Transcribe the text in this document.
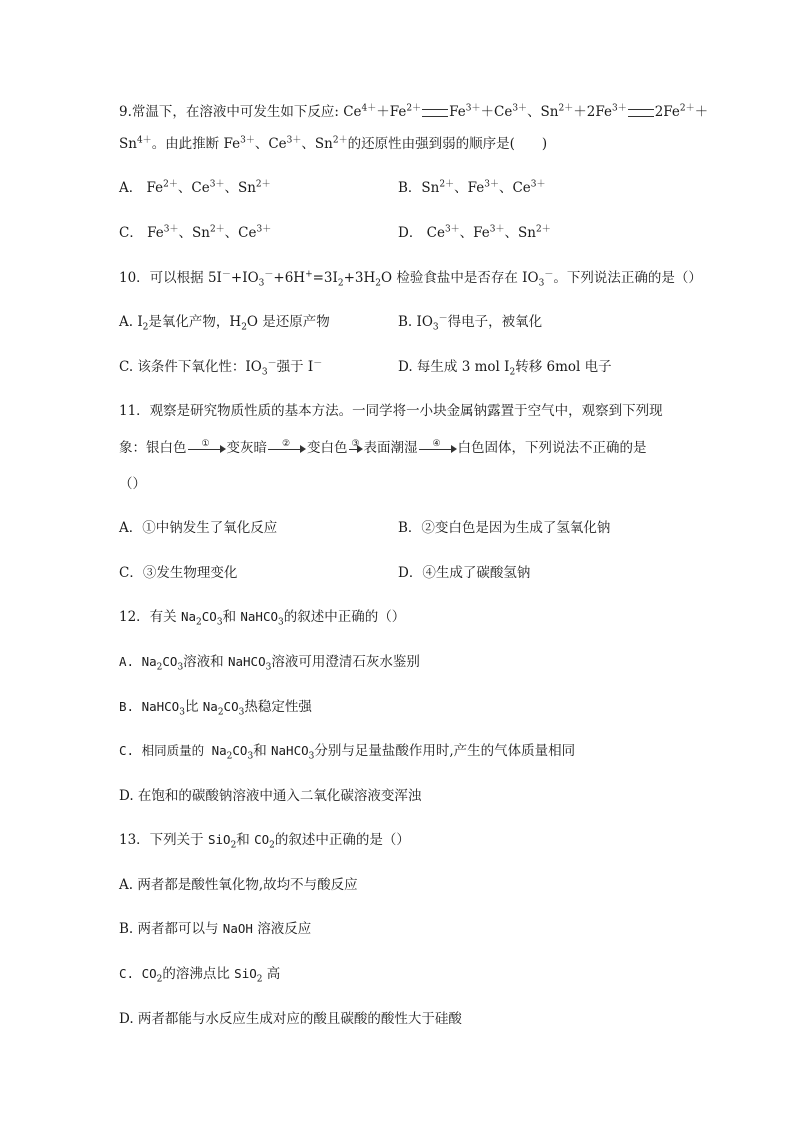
9.常温下，在溶液中可发生如下反应: $Ce^{4+}+Fe^{2+}$ $Fe^{3+}+Ce^{3+}$、$Sn^{2+}+2Fe^{3+}$ $2Fe^{2+}+$
$Sn^{4+}$。由此推断 $Fe^{3+}$、$Ce^{3+}$、$Sn^{2+}$的还原性由强到弱的顺序是(　　)
A． $Fe^{2+}$、$Ce^{3+}$、$Sn^{2+}$	B．$Sn^{2+}$、$Fe^{3+}$、$Ce^{3+}$
C． $Fe^{3+}$、$Sn^{2+}$、$Ce^{3+}$	D． $Ce^{3+}$、$Fe^{3+}$、$Sn^{2+}$
10．可以根据 $5I^-+IO_3^-+6H^+=3I_2+3H_2O$ 检验食盐中是否存在 $IO_3^-$。下列说法正确的是（）
A. $I_2$是氧化产物，$H_2O$ 是还原产物	B. $IO_3^-$得电子，被氧化
C. 该条件下氧化性：$IO_3^-$强于 I－	D. 每生成 3 mol $I_2$转移 6mol 电子
11．观察是研究物质性质的基本方法。一同学将一小块金属钠露置于空气中，观察到下列现
象：银白色 ① 变灰暗 ② 变白色 ③ 表面潮湿 ④ 白色固体，下列说法不正确的是
（）
A．①中钠发生了氧化反应	B．②变白色是因为生成了氢氧化钠
C．③发生物理变化	D．④生成了碳酸氢钠
12．有关 $Na_2CO_3$和 NaHCO$_3$的叙述中正确的（）
A. $Na_2CO_3$溶液和 NaHCO$_3$溶液可用澄清石灰水鉴别
B. NaHCO$_3$比 $Na_2CO_3$热稳定性强
C. 相同质量的 $Na_2CO_3$和 NaHCO$_3$分别与足量盐酸作用时,产生的气体质量相同
D. 在饱和的碳酸钠溶液中通入二氧化碳溶液变浑浊
13．下列关于 SiO$_2$和 $CO_2$的叙述中正确的是（）
A. 两者都是酸性氧化物,故均不与酸反应
B. 两者都可以与 NaOH 溶液反应
C. $CO_2$的溶沸点比 SiO$_2$ 高
D. 两者都能与水反应生成对应的酸且碳酸的酸性大于硅酸
